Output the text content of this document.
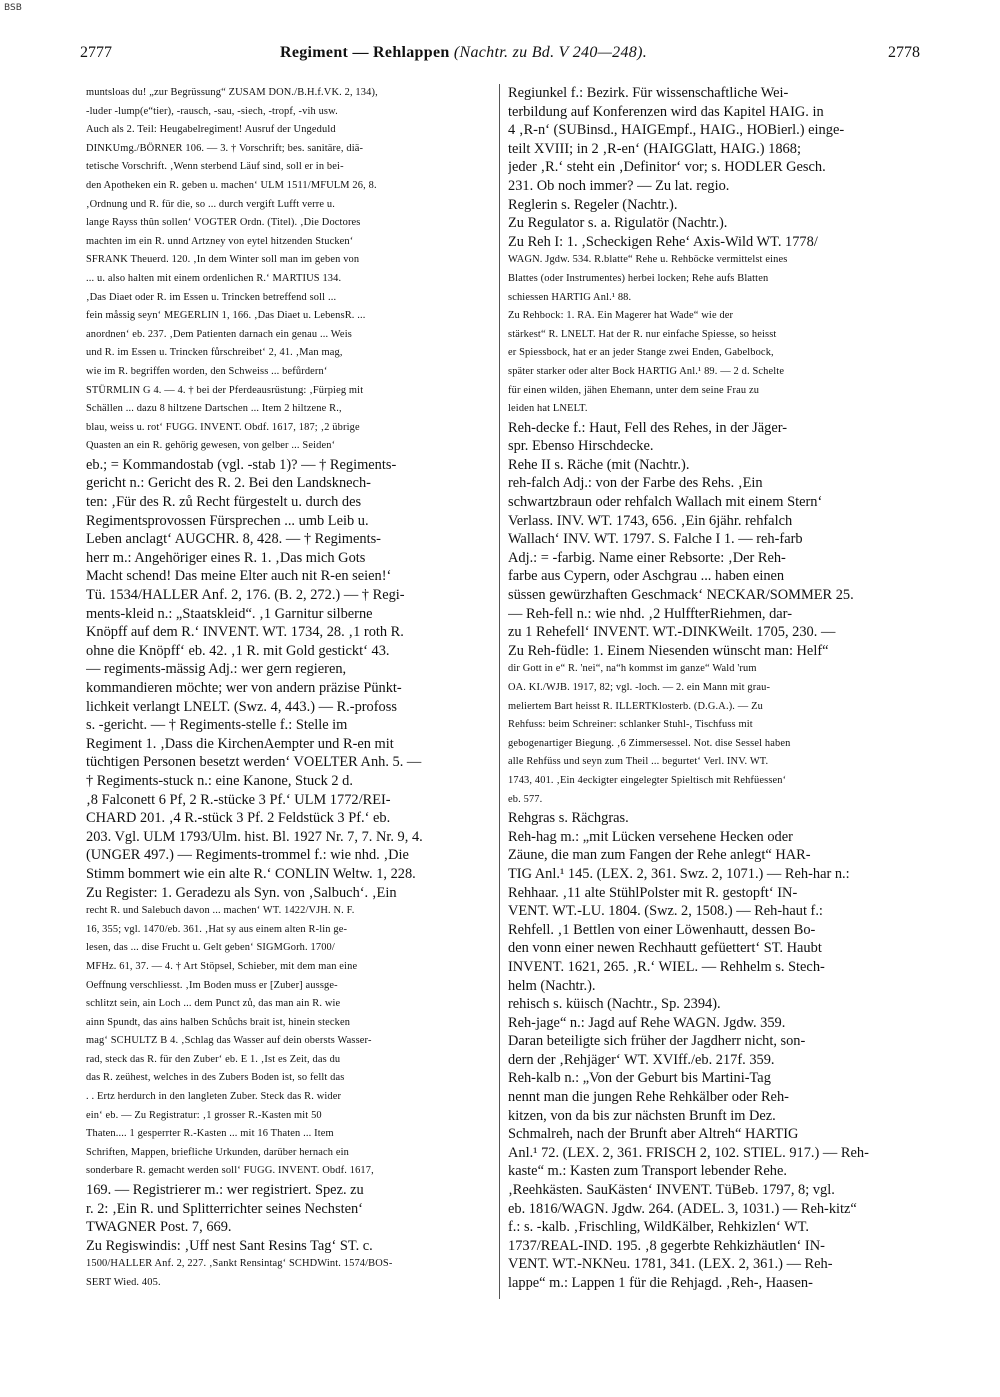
BSB
2777	Regiment — Rehlappen (Nachtr. zu Bd. V 240—248).	2778
muntsloas du! „zur Begrüssung“ ZUSAM DON./B.H.f.VK. 2, 134),
-luder -lump(e“tier), -rausch, -sau, -siech, -tropf, -vih usw.
Auch als 2. Teil: Heugabelregiment! Ausruf der Ungeduld
DINKUmg./BÖRNER 106. — 3. † Vorschrift; bes. sanitäre, diä-
tetische Vorschrift. ‚Wenn sterbend Läuf sind, soll er in bei-
den Apotheken ein R. geben u. machen‘ ULM 1511/MFULM 26, 8.
‚Ordnung und R. für die, so ... durch vergift Lufft verre u.
lange Rayss thûn sollen‘ VOGTER Ordn. (Titel). ‚Die Doctores
machten im ein R. unnd Artzney von eytel hitzenden Stucken‘
SFRANK Theuerd. 120. ‚In dem Winter soll man im geben von
... u. also halten mit einem ordenlichen R.‘ MARTIUS 134.
‚Das Diaet oder R. im Essen u. Trincken betreffend soll ...
fein måssig seyn‘ MEGERLIN 1, 166. ‚Das Diaet u. LebensR. ...
anordnen‘ eb. 237. ‚Dem Patienten darnach ein genau ... Weis
und R. im Essen u. Trincken fůrschreibet‘ 2, 41. ‚Man mag,
wie im R. begriffen worden, den Schweiss ... befůrdern‘
STÜRMLIN G 4. — 4. † bei der Pferdeausrüstung: ‚Fürpieg mit
Schällen ... dazu 8 hiltzene Dartschen ... Item 2 hiltzene R.,
blau, weiss u. rot‘ FUGG. INVENT. Obdf. 1617, 187; ‚2 übrige
Quasten an ein R. gehörig gewesen, von gelber ... Seiden‘
eb.; = Kommandostab (vgl. -stab 1)? — † Regiments-
gericht n.: Gericht des R. 2. Bei den Landsknech-
ten: ‚Für des R. zů Recht fürgestelt u. durch des
Regimentsprovossen Fürsprechen ... umb Leib u.
Leben anclagt‘ AUGCHR. 8, 428. — † Regiments-
herr m.: Angehöriger eines R. 1. ‚Das mich Gots
Macht schend! Das meine Elter auch nit R-en seien!‘
Tü. 1534/HALLER Anf. 2, 176. (B. 2, 272.) — † Regi-
ments-kleid n.: „Staatskleid“. ‚1 Garnitur silberne
Knöpff auf dem R.‘ INVENT. WT. 1734, 28. ‚1 roth R.
ohne die Knöpff‘ eb. 42. ‚1 R. mit Gold gestickt‘ 43.
— regiments-mässig Adj.: wer gern regieren,
kommandieren möchte; wer von andern präzise Pünkt-
lichkeit verlangt LNELT. (Swz. 4, 443.) — R.-profoss
s. -gericht. — † Regiments-stelle f.: Stelle im
Regiment 1. ‚Dass die KirchenAempter und R-en mit
tüchtigen Personen besetzt werden‘ VOELTER Anh. 5. —
† Regiments-stuck n.: eine Kanone, Stuck 2 d.
‚8 Falconett 6 Pf, 2 R.-stücke 3 Pf.‘ ULM 1772/REI-
CHARD 201. ‚4 R.-stück 3 Pf. 2 Feldstück 3 Pf.‘ eb.
203. Vgl. ULM 1793/Ulm. hist. Bl. 1927 Nr. 7, 7. Nr. 9, 4.
(UNGER 497.) — Regiments-trommel f.: wie nhd. ‚Die
Stimm bommert wie ein alte R.‘ CONLIN Weltw. 1, 228.
Zu Register: 1. Geradezu als Syn. von ‚Salbuch‘. ‚Ein
recht R. und Salebuch davon ... machen‘ WT. 1422/VJH. N. F.
16, 355; vgl. 1470/eb. 361. ‚Hat sy aus einem alten R-lin ge-
lesen, das ... dise Frucht u. Gelt geben‘ SIGMGorh. 1700/
MFHz. 61, 37. — 4. † Art Stöpsel, Schieber, mit dem man eine
Oeffnung verschliesst. ‚Im Boden muss er [Zuber] aussge-
schlitzt sein, ain Loch ... dem Punct zů, das man ain R. wie
ainn Spundt, das ains halben Schůchs brait ist, hinein stecken
mag‘ SCHULTZ B 4. ‚Schlag das Wasser auf dein obersts Wasser-
rad, steck das R. für den Zuber‘ eb. E 1. ‚Ist es Zeit, das du
das R. zeühest, welches in des Zubers Boden ist, so fellt das
. . Ertz herdurch in den langleten Zuber. Steck das R. wider
ein‘ eb. — Zu Registratur: ‚1 grosser R.-Kasten mit 50
Thaten.... 1 gesperrter R.-Kasten ... mit 16 Thaten ... Item
Schriften, Mappen, briefliche Urkunden, darüber hernach ein
sonderbare R. gemacht werden soll‘ FUGG. INVENT. Obdf. 1617,
169. — Registrierer m.: wer registriert. Spez. zu
r. 2: ‚Ein R. und Splitterrichter seines Nechsten‘
TWAGNER Post. 7, 669.
Zu Regiswindis: ‚Uff nest Sant Resins Tag‘ ST. c.
1500/HALLER Anf. 2, 227. ‚Sankt Rensintag‘ SCHDWint. 1574/BOS-
SERT Wied. 405.
Regiunkel f.: Bezirk. Für wissenschaftliche Wei-
terbildung auf Konferenzen wird das Kapitel HAIG. in
4 ‚R-n‘ (SUBinsd., HAIGEmpf., HAIG., HOBierl.) einge-
teilt XVIII; in 2 ‚R-en‘ (HAIGGlatt, HAIG.) 1868;
jeder ‚R.‘ steht ein ‚Definitor‘ vor; s. HODLER Gesch.
231. Ob noch immer? — Zu lat. regio.
Reglerin s. Regeler (Nachtr.).
Zu Regulator s. a. Rigulatör (Nachtr.).
Zu Reh I: 1. ‚Scheckigen Rehe‘ Axis-Wild WT. 1778/
WAGN. Jgdw. 534. R.blatte“ Rehe u. Rehböcke vermittelst eines
Blattes (oder Instrumentes) herbei locken; Rehe aufs Blatten
schiessen HARTIG Anl.¹ 88.
Zu Rehbock: 1. RA. Ein Magerer hat Wade“ wie der
stärkest“ R. LNELT. Hat der R. nur einfache Spiesse, so heisst
er Spiessbock, hat er an jeder Stange zwei Enden, Gabelbock,
später starker oder alter Bock HARTIG Anl.¹ 89. — 2 d. Schelte
für einen wilden, jähen Ehemann, unter dem seine Frau zu
leiden hat LNELT.
Reh-decke f.: Haut, Fell des Rehes, in der Jäger-
spr. Ebenso Hirschdecke.
Rehe II s. Räche (mit (Nachtr.).
reh-falch Adj.: von der Farbe des Rehs. ‚Ein
schwartzbraun oder rehfalch Wallach mit einem Stern‘
Verlass. INV. WT. 1743, 656. ‚Ein 6jähr. rehfalch
Wallach‘ INV. WT. 1797. S. Falche I 1. — reh-farb
Adj.: = -farbig. Name einer Rebsorte: ‚Der Reh-
farbe aus Cypern, oder Aschgrau ... haben einen
süssen gewürzhaften Geschmack‘ NECKAR/SOMMER 25.
— Reh-fell n.: wie nhd. ‚2 HulffterRiehmen, dar-
zu 1 Rehefell‘ INVENT. WT.-DINKWeilt. 1705, 230. —
Zu Reh-füdle: 1. Einem Niesenden wünscht man: Helf“
dir Gott in e“ R. 'nei“, na“h kommst im ganze“ Wald 'rum
OA. KI./WJB. 1917, 82; vgl. -loch. — 2. ein Mann mit grau-
meliertem Bart heisst R. ILLERTKlosterb. (D.G.A.). — Zu
Rehfuss: beim Schreiner: schlanker Stuhl-, Tischfuss mit
gebogenartiger Biegung. ‚6 Zimmersessel. Not. dise Sessel haben
alle Rehfüss und seyn zum Theil ... begurtet‘ Verl. INV. WT.
1743, 401. ‚Ein 4eckigter eingelegter Spieltisch mit Rehfüessen‘
eb. 577.
Rehgras s. Rächgras.
Reh-hag m.: „mit Lücken versehene Hecken oder
Zäune, die man zum Fangen der Rehe anlegt“ HAR-
TIG Anl.¹ 145. (LEX. 2, 361. Swz. 2, 1071.) — Reh-har n.:
Rehhaar. ‚11 alte StühlPolster mit R. gestopft‘ IN-
VENT. WT.-LU. 1804. (Swz. 2, 1508.) — Reh-haut f.:
Rehfell. ‚1 Bettlen von einer Löwenhautt, dessen Bo-
den vonn einer newen Rechhautt gefüettert‘ ST. Haubt
INVENT. 1621, 265. ‚R.‘ WIEL. — Rehhelm s. Stech-
helm (Nachtr.).
rehisch s. küisch (Nachtr., Sp. 2394).
Reh-jage“ n.: Jagd auf Rehe WAGN. Jgdw. 359.
Daran beteiligte sich früher der Jagdherr nicht, son-
dern der ‚Rehjäger‘ WT. XVIff./eb. 217f. 359.
Reh-kalb n.: „Von der Geburt bis Martini-Tag
nennt man die jungen Rehe Rehkälber oder Reh-
kitzen, von da bis zur nächsten Brunft im Dez.
Schmalreh, nach der Brunft aber Altreh“ HARTIG
Anl.¹ 72. (LEX. 2, 361. FRISCH 2, 102. STIEL. 917.) — Reh-
kaste“ m.: Kasten zum Transport lebender Rehe.
‚Reehkästen. SauKästen‘ INVENT. TüBeb. 1797, 8; vgl.
eb. 1816/WAGN. Jgdw. 264. (ADEL. 3, 1031.) — Reh-kitz“
f.: s. -kalb. ‚Frischling, WildKälber, Rehkizlen‘ WT.
1737/REAL-IND. 195. ‚8 gegerbte Rehkizhäutlen‘ IN-
VENT. WT.-NKNeu. 1781, 341. (LEX. 2, 361.) — Reh-
lappe“ m.: Lappen 1 für die Rehjagd. ‚Reh-, Haasen-
